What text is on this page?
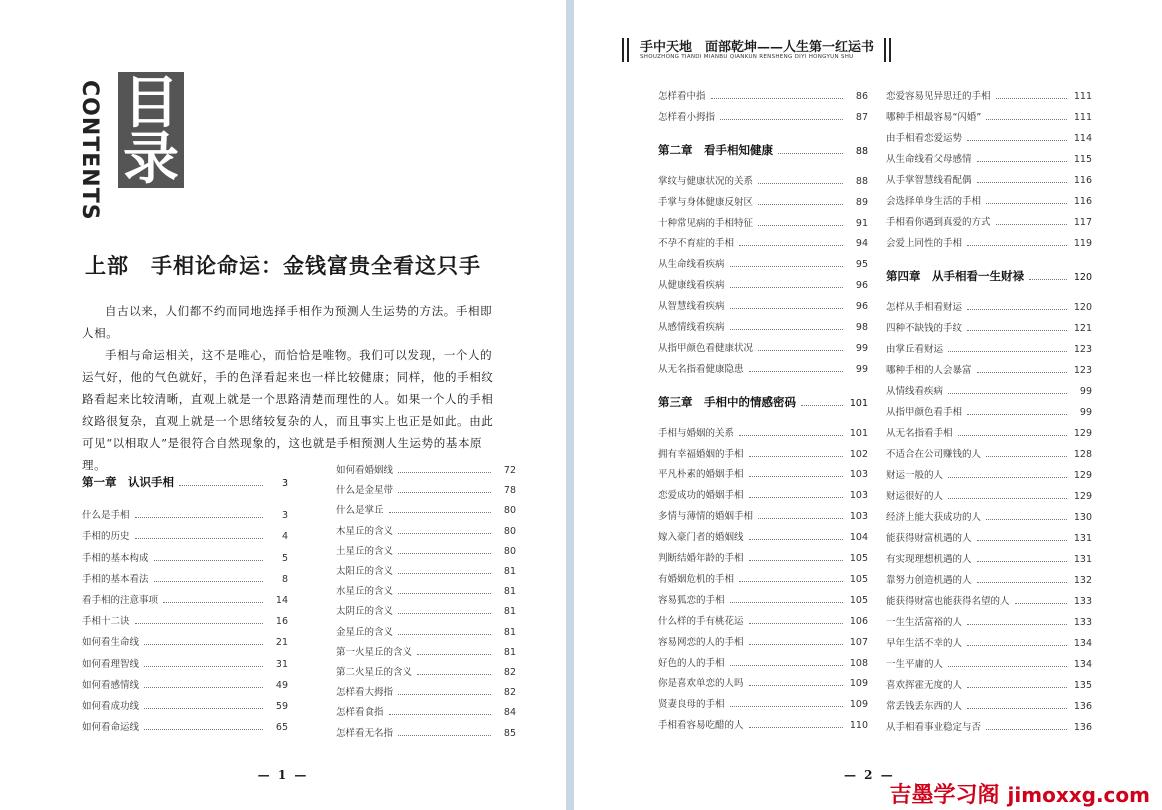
目
录
CONTENTS
上部　手相论命运：金钱富贵全看这只手

自古以来，人们都不约而同地选择手相作为预测人生运势的方法。手相即人相。

手相与命运相关，这不是唯心，而恰恰是唯物。我们可以发现，一个人的运气好，他的气色就好，手的色泽看起来也一样比较健康；同样，他的手相纹路看起来比较清晰，直观上就是一个思路清楚而理性的人。如果一个人的手相纹路很复杂，直观上就是一个思绪较复杂的人，而且事实上也正是如此。由此可见“以相取人”是很符合自然现象的，这也就是手相预测人生运势的基本原理。

第一章　认识手相	3
什么是手相	3
手相的历史	4
手相的基本构成	5
手相的基本看法	8
看手相的注意事项	14
手相十二诀	16
如何看生命线	21
如何看理智线	31
如何看感情线	49
如何看成功线	59
如何看命运线	65
如何看婚姻线	72
什么是金星带	78
什么是掌丘	80
木星丘的含义	80
土星丘的含义	80
太阳丘的含义	81
水星丘的含义	81
太阴丘的含义	81
金星丘的含义	81
第一火星丘的含义	81
第二火星丘的含义	82
怎样看大拇指	82
怎样看食指	84
怎样看无名指	85
— 1 —
手中天地　面部乾坤——人生第一红运书
SHOUZHONG TIANDI MIANBU QIANKUN RENSHENG DIYI HONGYUN SHU
怎样看中指	86
怎样看小拇指	87
第二章　看手相知健康	88
掌纹与健康状况的关系	88
手掌与身体健康反射区	89
十种常见病的手相特征	91
不孕不育症的手相	94
从生命线看疾病	95
从健康线看疾病	96
从智慧线看疾病	96
从感情线看疾病	98
从指甲颜色看健康状况	99
从无名指看健康隐患	99
第三章　手相中的情感密码	101
手相与婚姻的关系	101
拥有幸福婚姻的手相	102
平凡朴素的婚姻手相	103
恋爱成功的婚姻手相	103
多情与薄情的婚姻手相	103
嫁入豪门者的婚姻线	104
判断结婚年龄的手相	105
有婚姻危机的手相	105
容易狐恋的手相	105
什么样的手有桃花运	106
容易网恋的人的手相	107
好色的人的手相	108
你是喜欢单恋的人吗	109
贤妻良母的手相	109
手相看容易吃醋的人	110
恋爱容易见异思迁的手相	111
哪种手相最容易“闪婚”	111
由手相看恋爱运势	114
从生命线看父母感情	115
从手掌智慧线看配偶	116
会选择单身生活的手相	116
手相看你遇到真爱的方式	117
会爱上同性的手相	119
第四章　从手相看一生财禄	120
怎样从手相看财运	120
四种不缺钱的手纹	121
由掌丘看财运	123
哪种手相的人会暴富	123
从情线看疾病	99
从指甲颜色看手相	99
从无名指看手相	129
不适合在公司赚钱的人	128
财运一般的人	129
财运很好的人	129
经济上能大获成功的人	130
能获得财富机遇的人	131
有实现理想机遇的人	131
靠努力创造机遇的人	132
能获得财富也能获得名望的人	133
一生生活富裕的人	133
早年生活不幸的人	134
一生平庸的人	134
喜欢挥霍无度的人	135
常丢钱丢东西的人	136
从手相看事业稳定与否	136
— 2 —
吉墨学习阁 jimoxxg.com
